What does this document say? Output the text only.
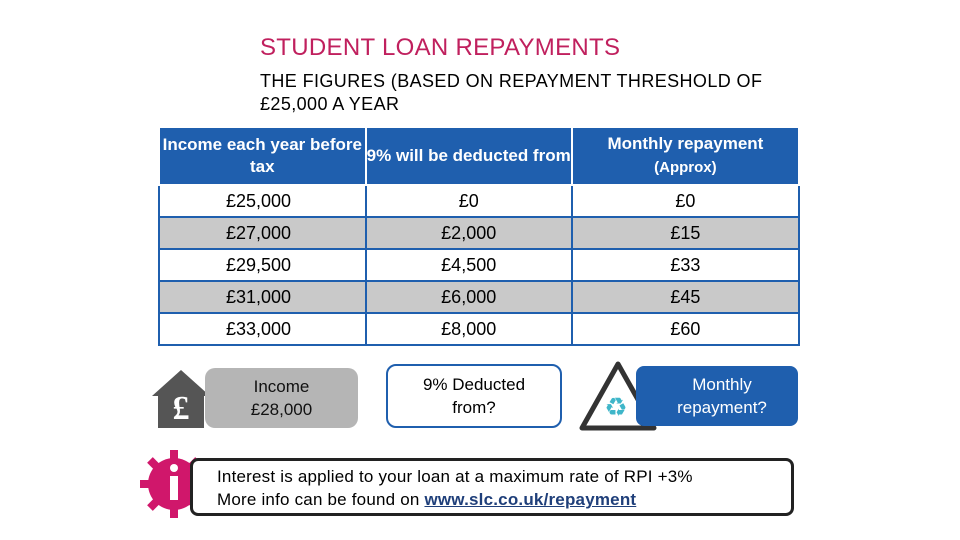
STUDENT LOAN REPAYMENTS
THE FIGURES (BASED ON REPAYMENT THRESHOLD OF £25,000 A YEAR
Income each year before tax	9% will be deducted from	Monthly repayment
(Approx)

£25,000	£0	£0
£27,000	£2,000	£15
£29,500	£4,500	£33
£31,000	£6,000	£45
£33,000	£8,000	£60
£
Income
£28,000
9% Deducted
from?	♻
Monthly
repayment?
Interest is applied to your loan at a maximum rate of RPI +3%
More info can be found on www.slc.co.uk/repayment
